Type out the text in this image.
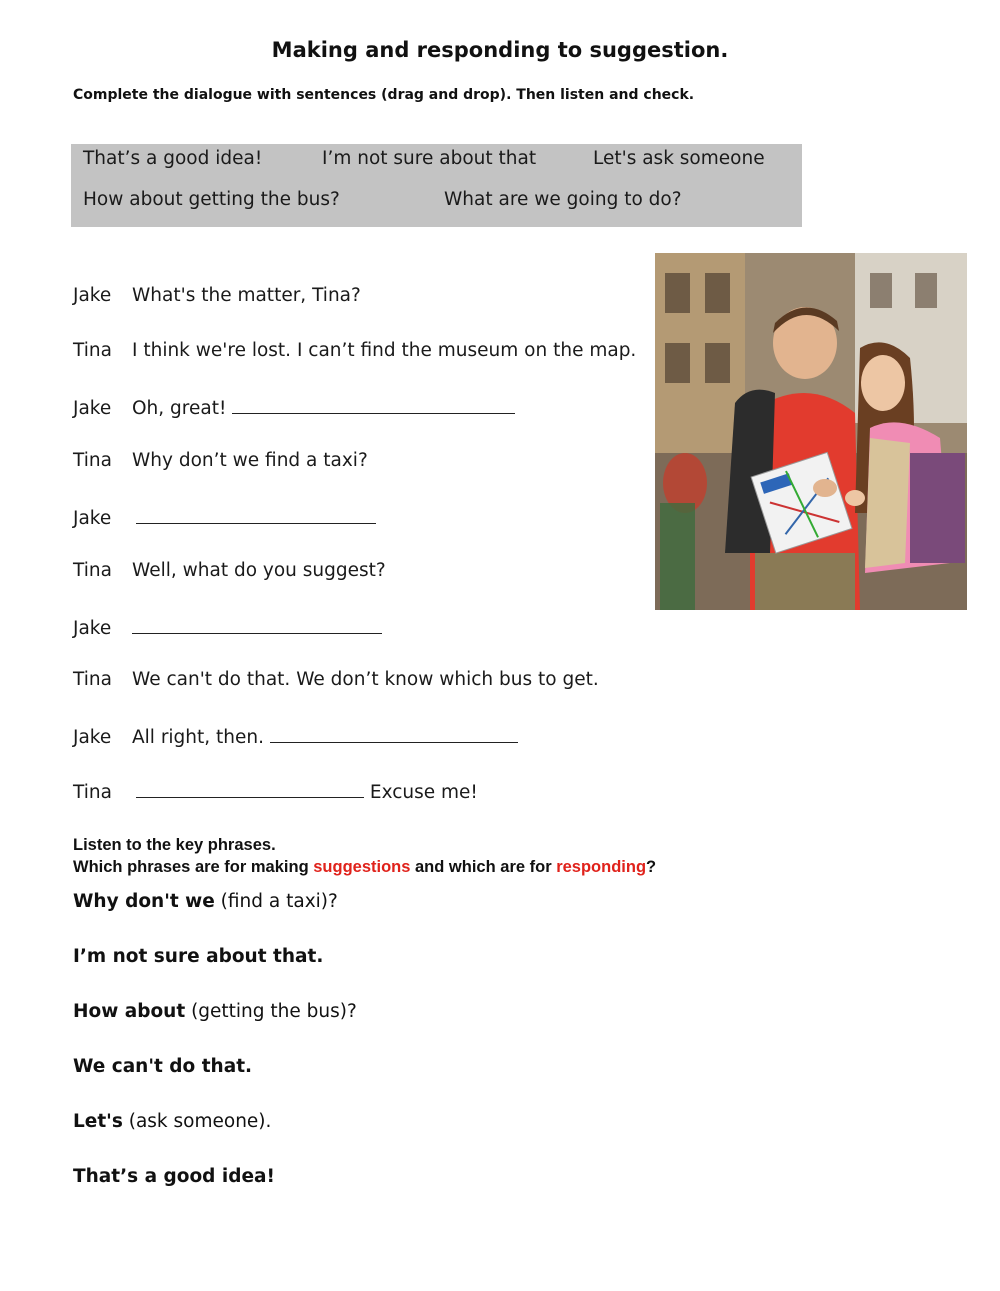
Making and responding to suggestion.

Complete the dialogue with sentences (drag and drop). Then listen and check.

That’s a good idea!	I’m not sure about that	Let's ask someone
How about getting the bus?	What are we going to do?
Jake What's the matter, Tina?
Tina I think we're lost. I can’t find the museum on the map.
Jake Oh, great!
Tina Why don’t we find a taxi?
Jake
Tina Well, what do you suggest?
Jake
Tina We can't do that. We don’t know which bus to get.
Jake All right, then.
Tina	Excuse me!

Listen to the key phrases.
Which phrases are for making suggestions and which are for responding?

Why don't we (find a taxi)?
I’m not sure about that.
How about (getting the bus)?
We can't do that.
Let's (ask someone).
That’s a good idea!
